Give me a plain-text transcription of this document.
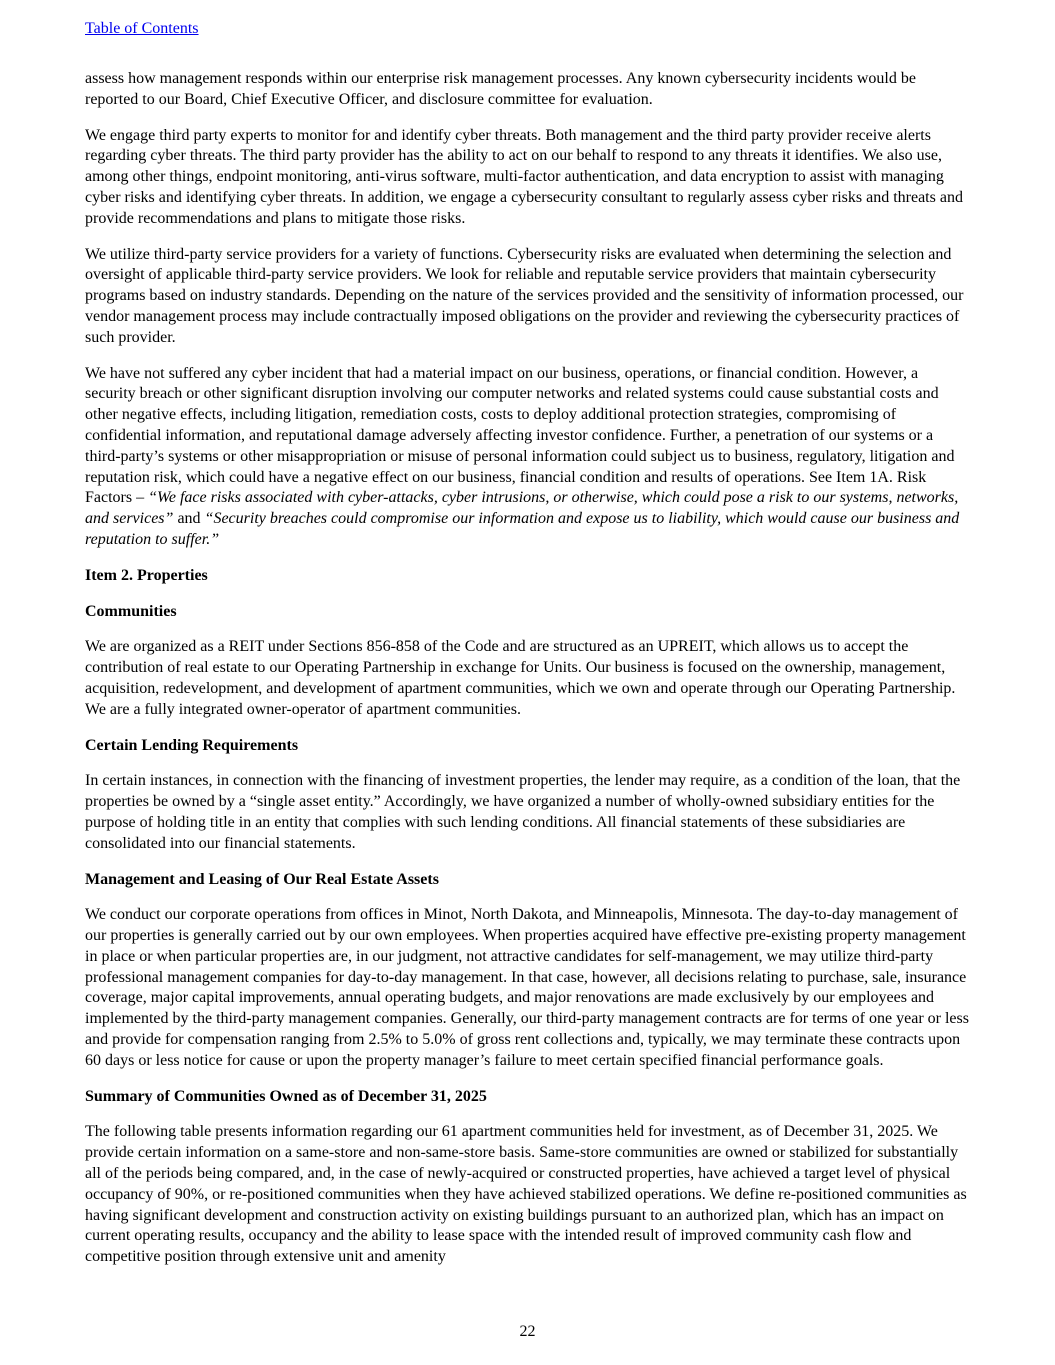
Table of Contents

assess how management responds within our enterprise risk management processes. Any known cybersecurity incidents would be reported to our Board, Chief Executive Officer, and disclosure committee for evaluation.

We engage third party experts to monitor for and identify cyber threats. Both management and the third party provider receive alerts regarding cyber threats. The third party provider has the ability to act on our behalf to respond to any threats it identifies. We also use, among other things, endpoint monitoring, anti-virus software, multi-factor authentication, and data encryption to assist with managing cyber risks and identifying cyber threats. In addition, we engage a cybersecurity consultant to regularly assess cyber risks and threats and provide recommendations and plans to mitigate those risks.

We utilize third-party service providers for a variety of functions. Cybersecurity risks are evaluated when determining the selection and oversight of applicable third-party service providers. We look for reliable and reputable service providers that maintain cybersecurity programs based on industry standards. Depending on the nature of the services provided and the sensitivity of information processed, our vendor management process may include contractually imposed obligations on the provider and reviewing the cybersecurity practices of such provider.

We have not suffered any cyber incident that had a material impact on our business, operations, or financial condition. However, a security breach or other significant disruption involving our computer networks and related systems could cause substantial costs and other negative effects, including litigation, remediation costs, costs to deploy additional protection strategies, compromising of confidential information, and reputational damage adversely affecting investor confidence. Further, a penetration of our systems or a third-party’s systems or other misappropriation or misuse of personal information could subject us to business, regulatory, litigation and reputation risk, which could have a negative effect on our business, financial condition and results of operations. See Item 1A. Risk Factors – “We face risks associated with cyber-attacks, cyber intrusions, or otherwise, which could pose a risk to our systems, networks, and services” and “Security breaches could compromise our information and expose us to liability, which would cause our business and reputation to suffer.”

Item 2. Properties

Communities

We are organized as a REIT under Sections 856-858 of the Code and are structured as an UPREIT, which allows us to accept the contribution of real estate to our Operating Partnership in exchange for Units. Our business is focused on the ownership, management, acquisition, redevelopment, and development of apartment communities, which we own and operate through our Operating Partnership. We are a fully integrated owner-operator of apartment communities.

Certain Lending Requirements

In certain instances, in connection with the financing of investment properties, the lender may require, as a condition of the loan, that the properties be owned by a “single asset entity.” Accordingly, we have organized a number of wholly-owned subsidiary entities for the purpose of holding title in an entity that complies with such lending conditions. All financial statements of these subsidiaries are consolidated into our financial statements.

Management and Leasing of Our Real Estate Assets

We conduct our corporate operations from offices in Minot, North Dakota, and Minneapolis, Minnesota. The day-to-day management of our properties is generally carried out by our own employees. When properties acquired have effective pre-existing property management in place or when particular properties are, in our judgment, not attractive candidates for self-management, we may utilize third-party professional management companies for day-to-day management. In that case, however, all decisions relating to purchase, sale, insurance coverage, major capital improvements, annual operating budgets, and major renovations are made exclusively by our employees and implemented by the third-party management companies. Generally, our third-party management contracts are for terms of one year or less and provide for compensation ranging from 2.5% to 5.0% of gross rent collections and, typically, we may terminate these contracts upon 60 days or less notice for cause or upon the property manager’s failure to meet certain specified financial performance goals.

Summary of Communities Owned as of December 31, 2025

The following table presents information regarding our 61 apartment communities held for investment, as of December 31, 2025. We provide certain information on a same-store and non-same-store basis. Same-store communities are owned or stabilized for substantially all of the periods being compared, and, in the case of newly-acquired or constructed properties, have achieved a target level of physical occupancy of 90%, or re-positioned communities when they have achieved stabilized operations. We define re-positioned communities as having significant development and construction activity on existing buildings pursuant to an authorized plan, which has an impact on current operating results, occupancy and the ability to lease space with the intended result of improved community cash flow and competitive position through extensive unit and amenity

22
